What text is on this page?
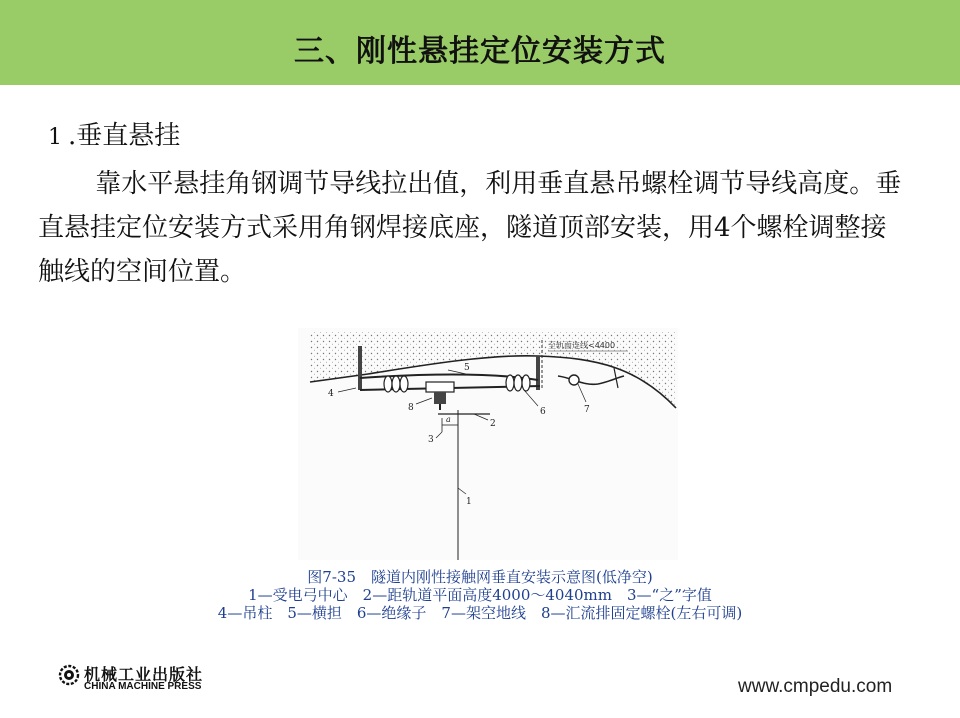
三、刚性悬挂定位安装方式
1 .垂直悬挂

靠水平悬挂角钢调节导线拉出值，利用垂直悬吊螺栓调节导线高度。垂直悬挂定位安装方式采用角钢焊接底座，隧道顶部安装，用4个螺栓调整接触线的空间位置。

至轨面连线<4400
a
4
5
6	7
8
2
3
1
图7-35　隧道内刚性接触网垂直安装示意图(低净空)
1—受电弓中心　2—距轨道平面高度4000～4040mm　3—“之”字值
4—吊柱　5—横担　6—绝缘子　7—架空地线　8—汇流排固定螺栓(左右可调)
机械工业出版社
CHINA MACHINE PRESS	www.cmpedu.com
